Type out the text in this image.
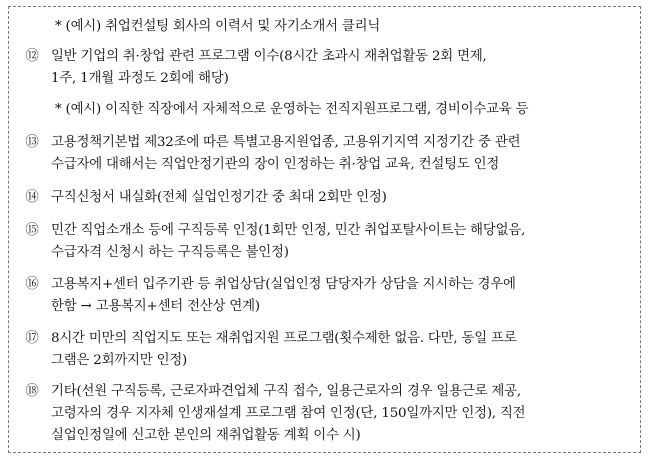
* (예시) 취업컨설팅 회사의 이력서 및 자기소개서 클리닉
⑫ 일반 기업의 취·창업 관련 프로그램 이수(8시간 초과시 재취업활동 2회 면제,
1주, 1개월 과정도 2회에 해당)
* (예시) 이직한 직장에서 자체적으로 운영하는 전직지원프로그램, 경비이수교육 등
⑬ 고용정책기본법 제32조에 따른 특별고용지원업종, 고용위기지역 지정기간 중 관련
수급자에 대해서는 직업안정기관의 장이 인정하는 취·창업 교육, 컨설팅도 인정
⑭ 구직신청서 내실화(전체 실업인정기간 중 최대 2회만 인정)
⑮ 민간 직업소개소 등에 구직등록 인정(1회만 인정, 민간 취업포탈사이트는 해당없음,
수급자격 신청시 하는 구직등록은 불인정)
⑯ 고용복지+센터 입주기관 등 취업상담(실업인정 담당자가 상담을 지시하는 경우에
한함 → 고용복지+센터 전산상 연계)
⑰ 8시간 미만의 직업지도 또는 재취업지원 프로그램(횟수제한 없음. 다만, 동일 프로
그램은 2회까지만 인정)
⑱ 기타(선원 구직등록, 근로자파견업체 구직 접수, 일용근로자의 경우 일용근로 제공,
고령자의 경우 지자체 인생재설계 프로그램 참여 인정(단, 150일까지만 인정), 직전
실업인정일에 신고한 본인의 재취업활동 계획 이수 시)
